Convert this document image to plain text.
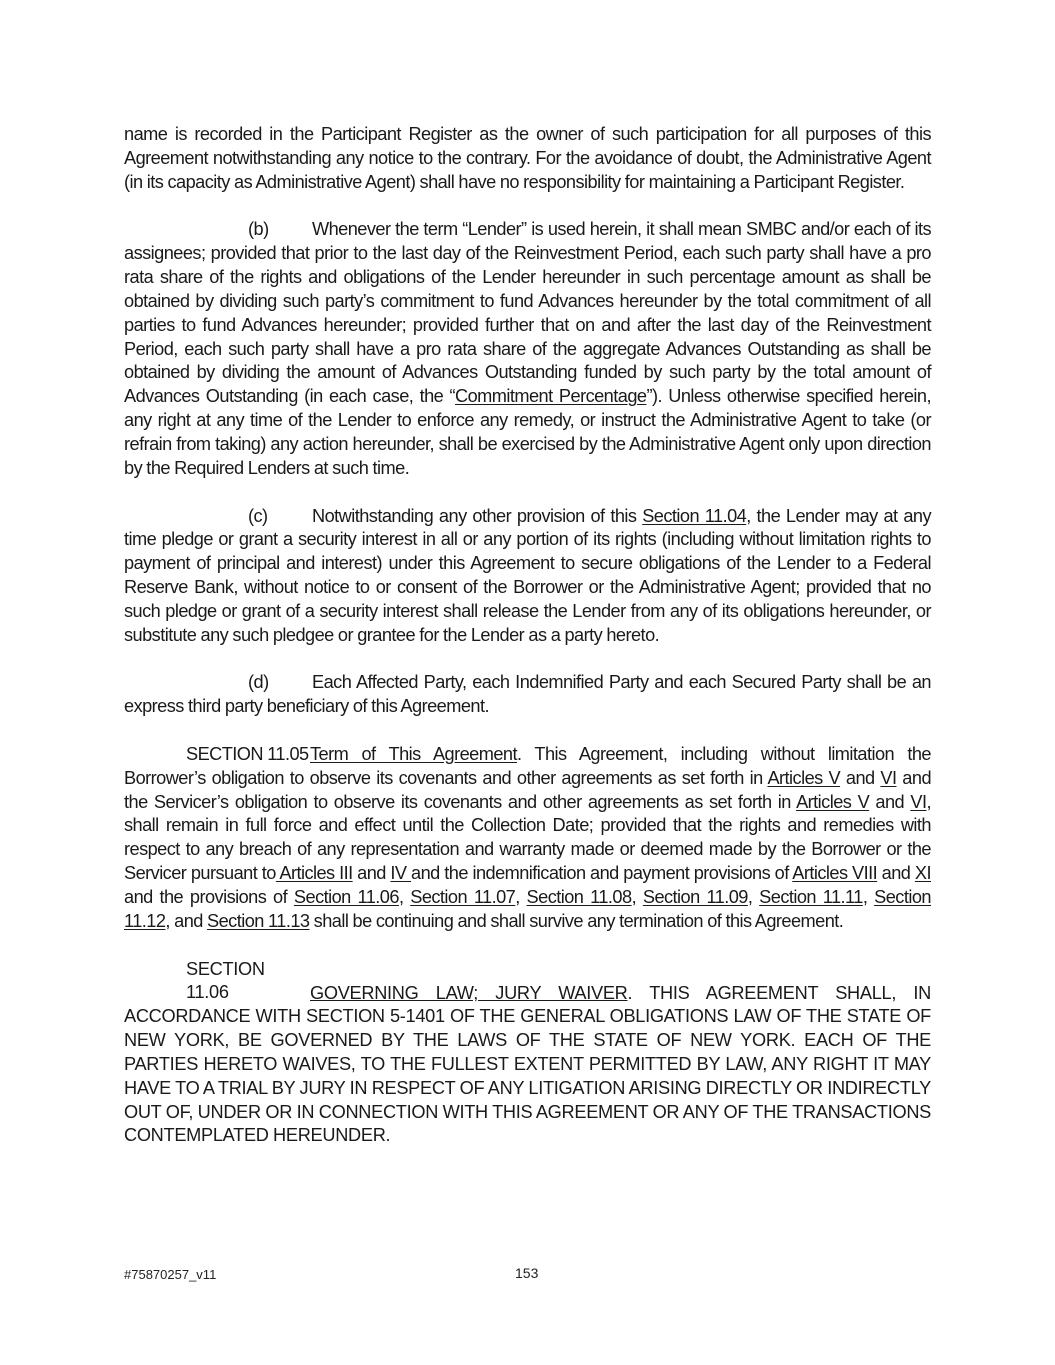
name is recorded in the Participant Register as the owner of such participation for all purposes of this Agreement notwithstanding any notice to the contrary. For the avoidance of doubt, the Administrative Agent (in its capacity as Administrative Agent) shall have no responsibility for maintaining a Participant Register.

(b) Whenever the term “Lender” is used herein, it shall mean SMBC and/or each of its assignees; provided that prior to the last day of the Reinvestment Period, each such party shall have a pro rata share of the rights and obligations of the Lender hereunder in such percentage amount as shall be obtained by dividing such party’s commitment to fund Advances hereunder by the total commitment of all parties to fund Advances hereunder; provided further that on and after the last day of the Reinvestment Period, each such party shall have a pro rata share of the aggregate Advances Outstanding as shall be obtained by dividing the amount of Advances Outstanding funded by such party by the total amount of Advances Outstanding (in each case, the “Commitment Percentage”). Unless otherwise specified herein, any right at any time of the Lender to enforce any remedy, or instruct the Administrative Agent to take (or refrain from taking) any action hereunder, shall be exercised by the Administrative Agent only upon direction by the Required Lenders at such time.

(c) Notwithstanding any other provision of this Section 11.04, the Lender may at any time pledge or grant a security interest in all or any portion of its rights (including without limitation rights to payment of principal and interest) under this Agreement to secure obligations of the Lender to a Federal Reserve Bank, without notice to or consent of the Borrower or the Administrative Agent; provided that no such pledge or grant of a security interest shall release the Lender from any of its obligations hereunder, or substitute any such pledgee or grantee for the Lender as a party hereto.

(d) Each Affected Party, each Indemnified Party and each Secured Party shall be an express third party beneficiary of this Agreement.

SECTION 11.05Term of This Agreement. This Agreement, including without limitation the Borrower’s obligation to observe its covenants and other agreements as set forth in Articles V and VI and the Servicer’s obligation to observe its covenants and other agreements as set forth in Articles V and VI, shall remain in full force and effect until the Collection Date; provided that the rights and remedies with respect to any breach of any representation and warranty made or deemed made by the Borrower or the Servicer pursuant to Articles III and IV and the indemnification and payment provisions of Articles VIII and XI and the provisions of Section 11.06, Section 11.07, Section 11.08, Section 11.09, Section 11.11, Section 11.12, and Section 11.13 shall be continuing and shall survive any termination of this Agreement.

SECTION 11.06	GOVERNING LAW; JURY WAIVER. THIS AGREEMENT SHALL, IN ACCORDANCE WITH SECTION 5-1401 OF THE GENERAL OBLIGATIONS LAW OF THE STATE OF NEW YORK, BE GOVERNED BY THE LAWS OF THE STATE OF NEW YORK. EACH OF THE PARTIES HERETO WAIVES, TO THE FULLEST EXTENT PERMITTED BY LAW, ANY RIGHT IT MAY HAVE TO A TRIAL BY JURY IN RESPECT OF ANY LITIGATION ARISING DIRECTLY OR INDIRECTLY OUT OF, UNDER OR IN CONNECTION WITH THIS AGREEMENT OR ANY OF THE TRANSACTIONS CONTEMPLATED HEREUNDER.

#75870257_v11	153
